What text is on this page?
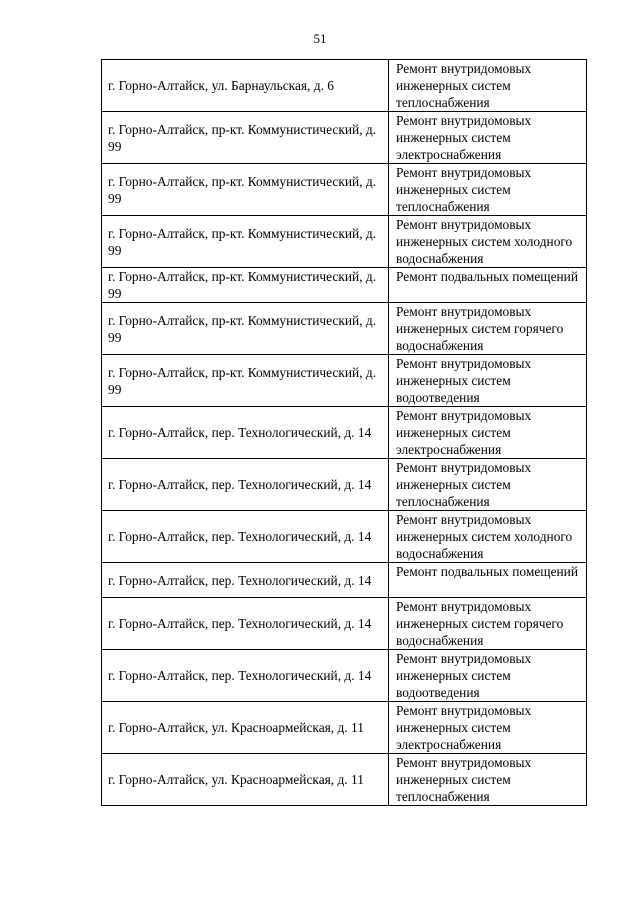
51
г. Горно-Алтайск, ул. Барнаульская, д. 6	Ремонт внутридомовых инженерных систем теплоснабжения
г. Горно-Алтайск, пр-кт. Коммунистический, д. 99	Ремонт внутридомовых инженерных систем электроснабжения
г. Горно-Алтайск, пр-кт. Коммунистический, д. 99	Ремонт внутридомовых инженерных систем теплоснабжения
г. Горно-Алтайск, пр-кт. Коммунистический, д. 99	Ремонт внутридомовых инженерных систем холодного водоснабжения
г. Горно-Алтайск, пр-кт. Коммунистический, д. 99	Ремонт подвальных помещений
г. Горно-Алтайск, пр-кт. Коммунистический, д. 99	Ремонт внутридомовых инженерных систем горячего водоснабжения
г. Горно-Алтайск, пр-кт. Коммунистический, д. 99	Ремонт внутридомовых инженерных систем водоотведения
г. Горно-Алтайск, пер. Технологический, д. 14	Ремонт внутридомовых инженерных систем электроснабжения
г. Горно-Алтайск, пер. Технологический, д. 14	Ремонт внутридомовых инженерных систем теплоснабжения
г. Горно-Алтайск, пер. Технологический, д. 14	Ремонт внутридомовых инженерных систем холодного водоснабжения
г. Горно-Алтайск, пер. Технологический, д. 14	Ремонт подвальных помещений
г. Горно-Алтайск, пер. Технологический, д. 14	Ремонт внутридомовых инженерных систем горячего водоснабжения
г. Горно-Алтайск, пер. Технологический, д. 14	Ремонт внутридомовых инженерных систем водоотведения
г. Горно-Алтайск, ул. Красноармейская, д. 11	Ремонт внутридомовых инженерных систем электроснабжения
г. Горно-Алтайск, ул. Красноармейская, д. 11	Ремонт внутридомовых инженерных систем теплоснабжения
